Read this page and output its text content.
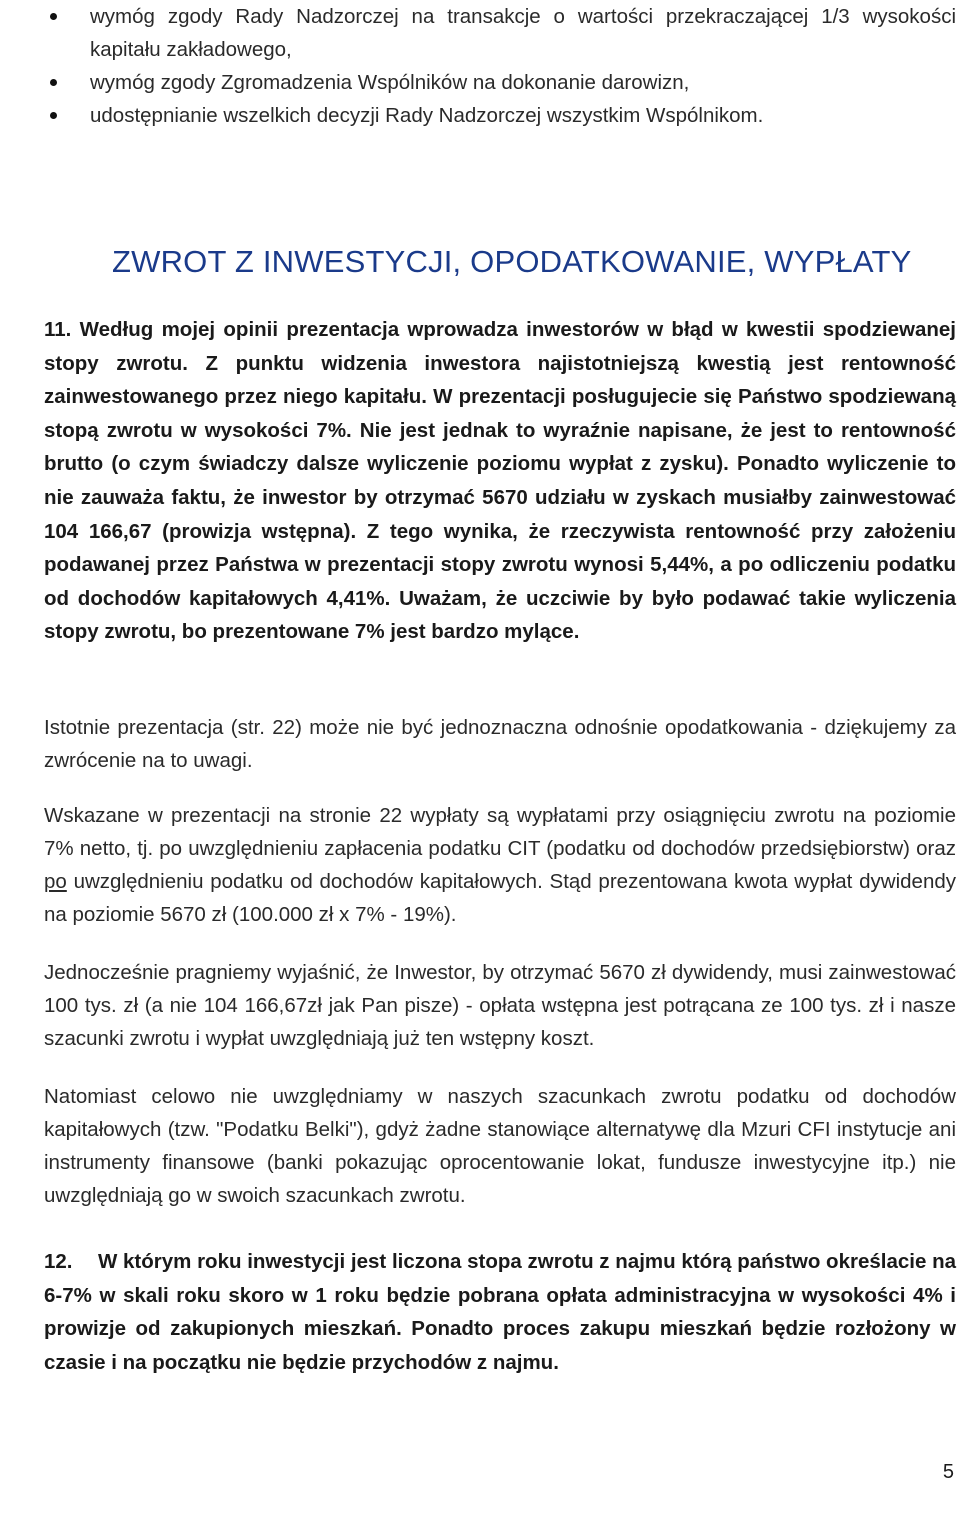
wymóg zgody Rady Nadzorczej na transakcje o wartości przekraczającej 1/3 wysokości kapitału zakładowego,
wymóg zgody Zgromadzenia Wspólników na dokonanie darowizn,
udostępnianie wszelkich decyzji Rady Nadzorczej wszystkim Wspólnikom.
ZWROT Z INWESTYCJI, OPODATKOWANIE, WYPŁATY
11. Według mojej opinii prezentacja wprowadza inwestorów w błąd w kwestii spodziewanej stopy zwrotu. Z punktu widzenia inwestora najistotniejszą kwestią jest rentowność zainwestowanego przez niego kapitału. W prezentacji posługujecie się Państwo spodziewaną stopą zwrotu w wysokości 7%. Nie jest jednak to wyraźnie napisane, że jest to rentowność brutto (o czym świadczy dalsze wyliczenie poziomu wypłat z zysku). Ponadto wyliczenie to nie zauważa faktu, że inwestor by otrzymać 5670 udziału w zyskach musiałby zainwestować 104 166,67 (prowizja wstępna). Z tego wynika, że rzeczywista rentowność przy założeniu podawanej przez Państwa w prezentacji stopy zwrotu wynosi 5,44%, a po odliczeniu podatku od dochodów kapitałowych 4,41%. Uważam, że uczciwie by było podawać takie wyliczenia stopy zwrotu, bo prezentowane 7% jest bardzo mylące.

Istotnie prezentacja (str. 22) może nie być jednoznaczna odnośnie opodatkowania - dziękujemy za zwrócenie na to uwagi.

Wskazane w prezentacji na stronie 22 wypłaty są wypłatami przy osiągnięciu zwrotu na poziomie 7% netto, tj. po uwzględnieniu zapłacenia podatku CIT (podatku od dochodów przedsiębiorstw) oraz po uwzględnieniu podatku od dochodów kapitałowych. Stąd prezentowana kwota wypłat dywidendy na poziomie 5670 zł (100.000 zł x 7% - 19%).

Jednocześnie pragniemy wyjaśnić, że Inwestor, by otrzymać 5670 zł dywidendy, musi zainwestować 100 tys. zł (a nie 104 166,67zł jak Pan pisze) - opłata wstępna jest potrącana ze 100 tys. zł i nasze szacunki zwrotu i wypłat uwzględniają już ten wstępny koszt.

Natomiast celowo nie uwzględniamy w naszych szacunkach zwrotu podatku od dochodów kapitałowych (tzw. "Podatku Belki"), gdyż żadne stanowiące alternatywę dla Mzuri CFI instytucje ani instrumenty finansowe (banki pokazując oprocentowanie lokat, fundusze inwestycyjne itp.) nie uwzględniają go w swoich szacunkach zwrotu.

12. W którym roku inwestycji jest liczona stopa zwrotu z najmu którą państwo określacie na 6-7% w skali roku skoro w 1 roku będzie pobrana opłata administracyjna w wysokości 4% i prowizje od zakupionych mieszkań. Ponadto proces zakupu mieszkań będzie rozłożony w czasie i na początku nie będzie przychodów z najmu.
5
